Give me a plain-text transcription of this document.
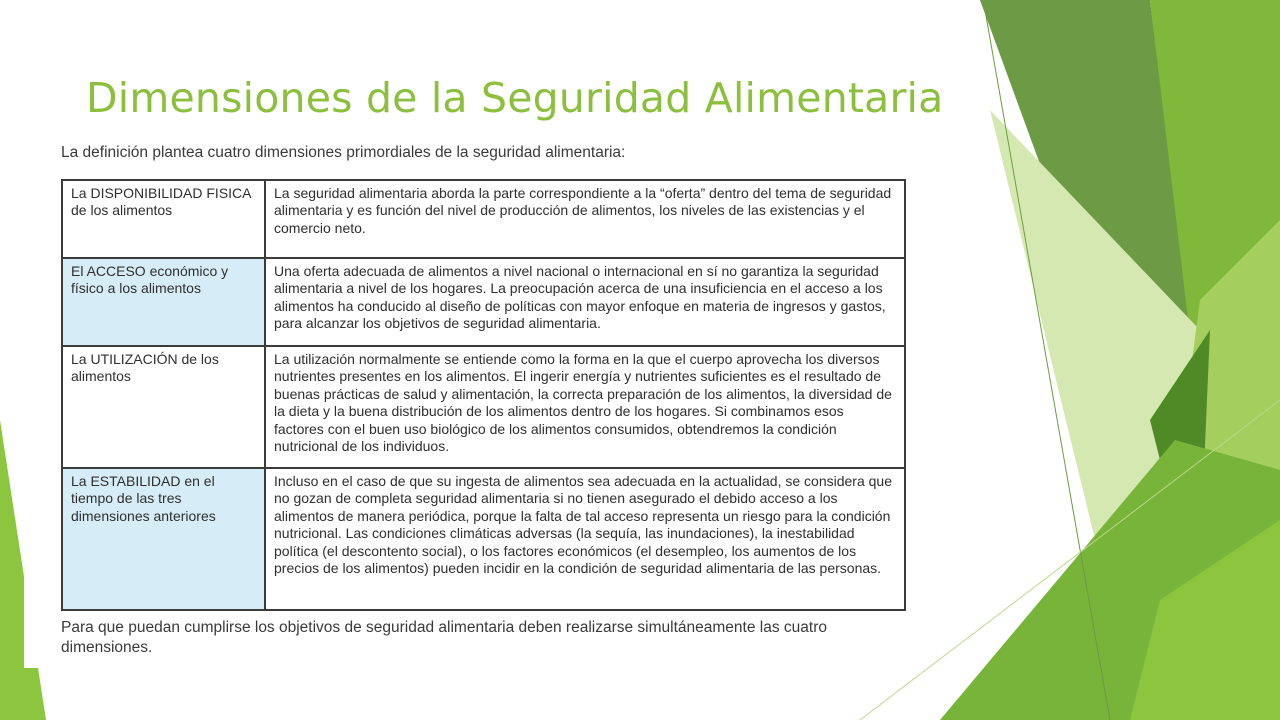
Dimensiones de la Seguridad Alimentaria

La definición plantea cuatro dimensiones primordiales de la seguridad alimentaria:

La DISPONIBILIDAD FISICA de los alimentos	La seguridad alimentaria aborda la parte correspondiente a la “oferta” dentro del tema de seguridad alimentaria y es función del nivel de producción de alimentos, los niveles de las existencias y el comercio neto.
El ACCESO económico y físico a los alimentos	Una oferta adecuada de alimentos a nivel nacional o internacional en sí no garantiza la seguridad alimentaria a nivel de los hogares. La preocupación acerca de una insuficiencia en el acceso a los alimentos ha conducido al diseño de políticas con mayor enfoque en materia de ingresos y gastos, para alcanzar los objetivos de seguridad alimentaria.
La UTILIZACIÓN de los alimentos	La utilización normalmente se entiende como la forma en la que el cuerpo aprovecha los diversos nutrientes presentes en los alimentos. El ingerir energía y nutrientes suficientes es el resultado de buenas prácticas de salud y alimentación, la correcta preparación de los alimentos, la diversidad de la dieta y la buena distribución de los alimentos dentro de los hogares. Si combinamos esos factores con el buen uso biológico de los alimentos consumidos, obtendremos la condición nutricional de los individuos.
La ESTABILIDAD en el tiempo de las tres dimensiones anteriores	Incluso en el caso de que su ingesta de alimentos sea adecuada en la actualidad, se considera que no gozan de completa seguridad alimentaria si no tienen asegurado el debido acceso a los alimentos de manera periódica, porque la falta de tal acceso representa un riesgo para la condición nutricional. Las condiciones climáticas adversas (la sequía, las inundaciones), la inestabilidad política (el descontento social), o los factores económicos (el desempleo, los aumentos de los precios de los alimentos) pueden incidir en la condición de seguridad alimentaria de las personas.

Para que puedan cumplirse los objetivos de seguridad alimentaria deben realizarse simultáneamente las cuatro dimensiones.
